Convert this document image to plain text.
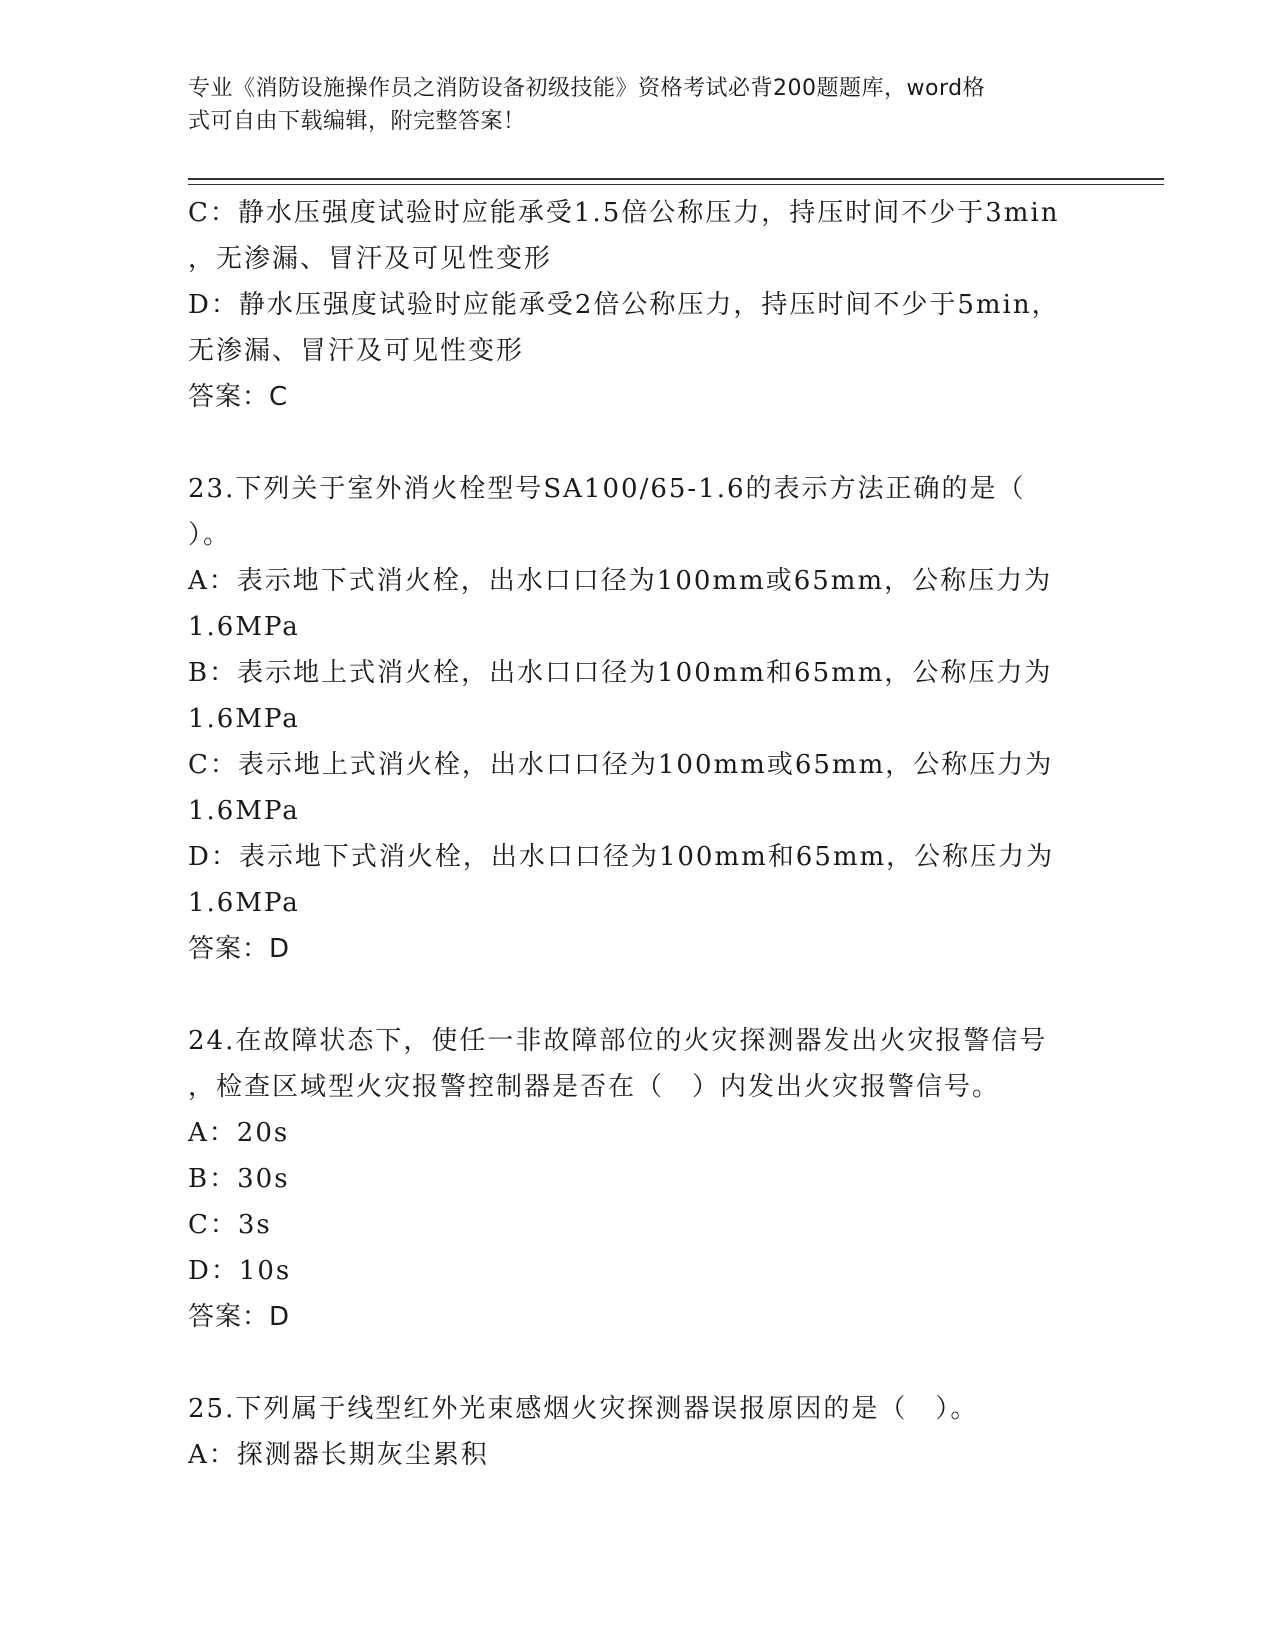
专业《消防设施操作员之消防设备初级技能》资格考试必背200题题库，word格
式可自由下载编辑，附完整答案！
C：静水压强度试验时应能承受1.5倍公称压力，持压时间不少于3min
，无渗漏、冒汗及可见性变形
D：静水压强度试验时应能承受2倍公称压力，持压时间不少于5min，
无渗漏、冒汗及可见性变形
答案：C
23.下列关于室外消火栓型号SA100/65-1.6的表示方法正确的是（
）。
A：表示地下式消火栓，出水口口径为100mm或65mm，公称压力为
1.6MPa
B：表示地上式消火栓，出水口口径为100mm和65mm，公称压力为
1.6MPa
C：表示地上式消火栓，出水口口径为100mm或65mm，公称压力为
1.6MPa
D：表示地下式消火栓，出水口口径为100mm和65mm，公称压力为
1.6MPa
答案：D
24.在故障状态下，使任一非故障部位的火灾探测器发出火灾报警信号
，检查区域型火灾报警控制器是否在（　）内发出火灾报警信号。
A：20s
B：30s
C：3s
D：10s
答案：D
25.下列属于线型红外光束感烟火灾探测器误报原因的是（　）。
A：探测器长期灰尘累积
